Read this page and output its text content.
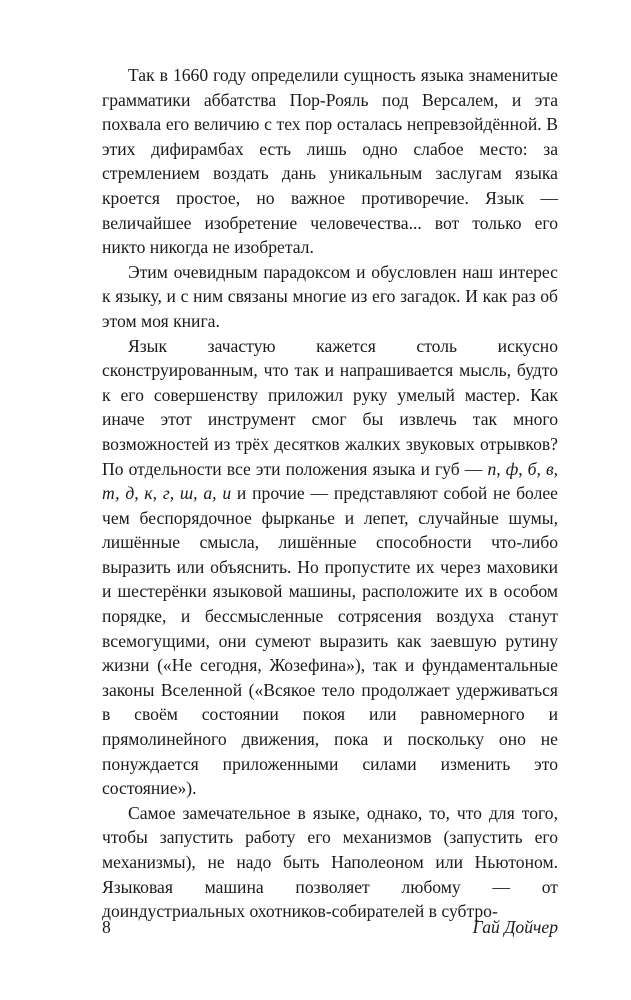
Так в 1660 году определили сущность языка знаменитые грамматики аббатства Пор-Рояль под Версалем, и эта похвала его величию с тех пор осталась непревзойдённой. В этих дифирамбах есть лишь одно слабое место: за стремлением воздать дань уникальным заслугам языка кроется простое, но важное противоречие. Язык — величайшее изобретение человечества... вот только его никто никогда не изобретал.

Этим очевидным парадоксом и обусловлен наш интерес к языку, и с ним связаны многие из его загадок. И как раз об этом моя книга.

Язык зачастую кажется столь искусно сконструированным, что так и напрашивается мысль, будто к его совершенству приложил руку умелый мастер. Как иначе этот инструмент смог бы извлечь так много возможностей из трёх десятков жалких звуковых отрывков? По отдельности все эти положения языка и губ — п, ф, б, в, т, д, к, г, ш, а, и и прочие — представляют собой не более чем беспорядочное фырканье и лепет, случайные шумы, лишённые смысла, лишённые способности что-либо выразить или объяснить. Но пропустите их через маховики и шестерёнки языковой машины, расположите их в особом порядке, и бессмысленные сотрясения воздуха станут всемогущими, они сумеют выразить как заевшую рутину жизни («Не сегодня, Жозефина»), так и фундаментальные законы Вселенной («Всякое тело продолжает удерживаться в своём состоянии покоя или равномерного и прямолинейного движения, пока и поскольку оно не понуждается приложенными силами изменить это состояние»).

Самое замечательное в языке, однако, то, что для того, чтобы запустить работу его механизмов (запустить его механизмы), не надо быть Наполеоном или Ньютоном. Языковая машина позволяет любому — от доиндустриальных охотников-собирателей в субтро-

8	Гай Дойчер
